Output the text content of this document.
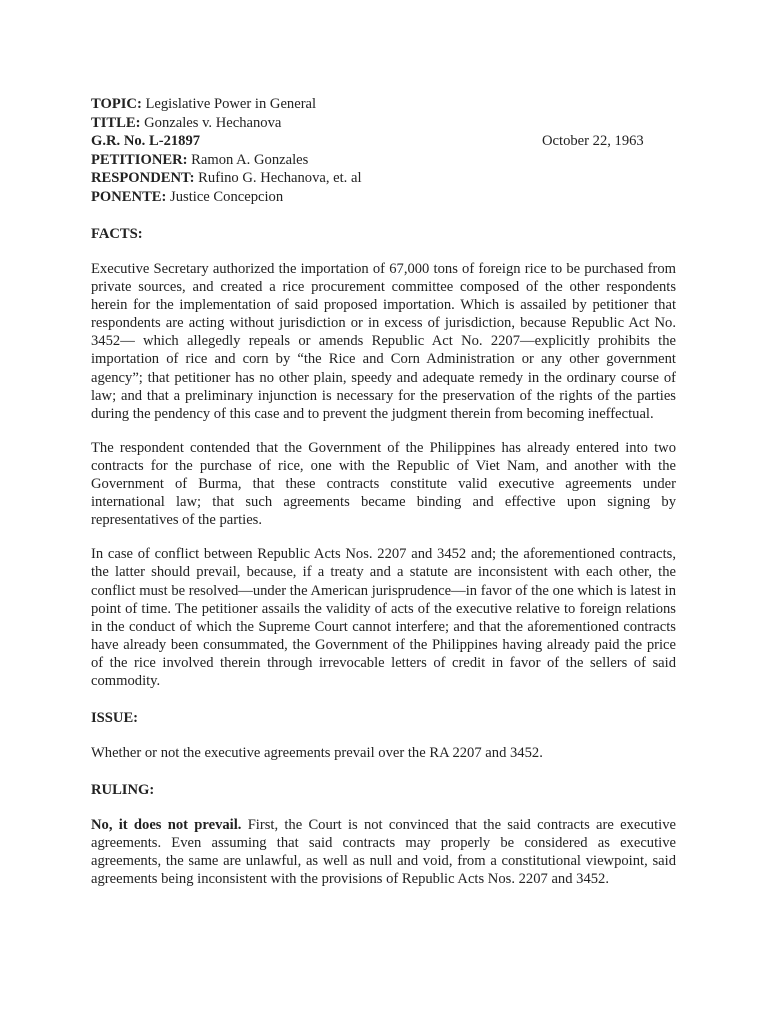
TOPIC: Legislative Power in General
TITLE: Gonzales v. Hechanova
G.R. No. L-21897	October 22, 1963
PETITIONER: Ramon A. Gonzales
RESPONDENT: Rufino G. Hechanova, et. al
PONENTE: Justice Concepcion
FACTS:

Executive Secretary authorized the importation of 67,000 tons of foreign rice to be purchased from private sources, and created a rice procurement committee composed of the other respondents herein for the implementation of said proposed importation. Which is assailed by petitioner that respondents are acting without jurisdiction or in excess of jurisdiction, because Republic Act No. 3452— which allegedly repeals or amends Republic Act No. 2207—explicitly prohibits the importation of rice and corn by “the Rice and Corn Administration or any other government agency”; that petitioner has no other plain, speedy and adequate remedy in the ordinary course of law; and that a preliminary injunction is necessary for the preservation of the rights of the parties during the pendency of this case and to prevent the judgment therein from becoming ineffectual.

The respondent contended that the Government of the Philippines has already entered into two contracts for the purchase of rice, one with the Republic of Viet Nam, and another with the Government of Burma, that these contracts constitute valid executive agreements under international law; that such agreements became binding and effective upon signing by representatives of the parties.

In case of conflict between Republic Acts Nos. 2207 and 3452 and; the aforementioned contracts, the latter should prevail, because, if a treaty and a statute are inconsistent with each other, the conflict must be resolved—under the American jurisprudence—in favor of the one which is latest in point of time. The petitioner assails the validity of acts of the executive relative to foreign relations in the conduct of which the Supreme Court cannot interfere; and that the aforementioned contracts have already been consummated, the Government of the Philippines having already paid the price of the rice involved therein through irrevocable letters of credit in favor of the sellers of said commodity.

ISSUE:

Whether or not the executive agreements prevail over the RA 2207 and 3452.

RULING:

No, it does not prevail. First, the Court is not convinced that the said contracts are executive agreements. Even assuming that said contracts may properly be considered as executive agreements, the same are unlawful, as well as null and void, from a constitutional viewpoint, said agreements being inconsistent with the provisions of Republic Acts Nos. 2207 and 3452.
